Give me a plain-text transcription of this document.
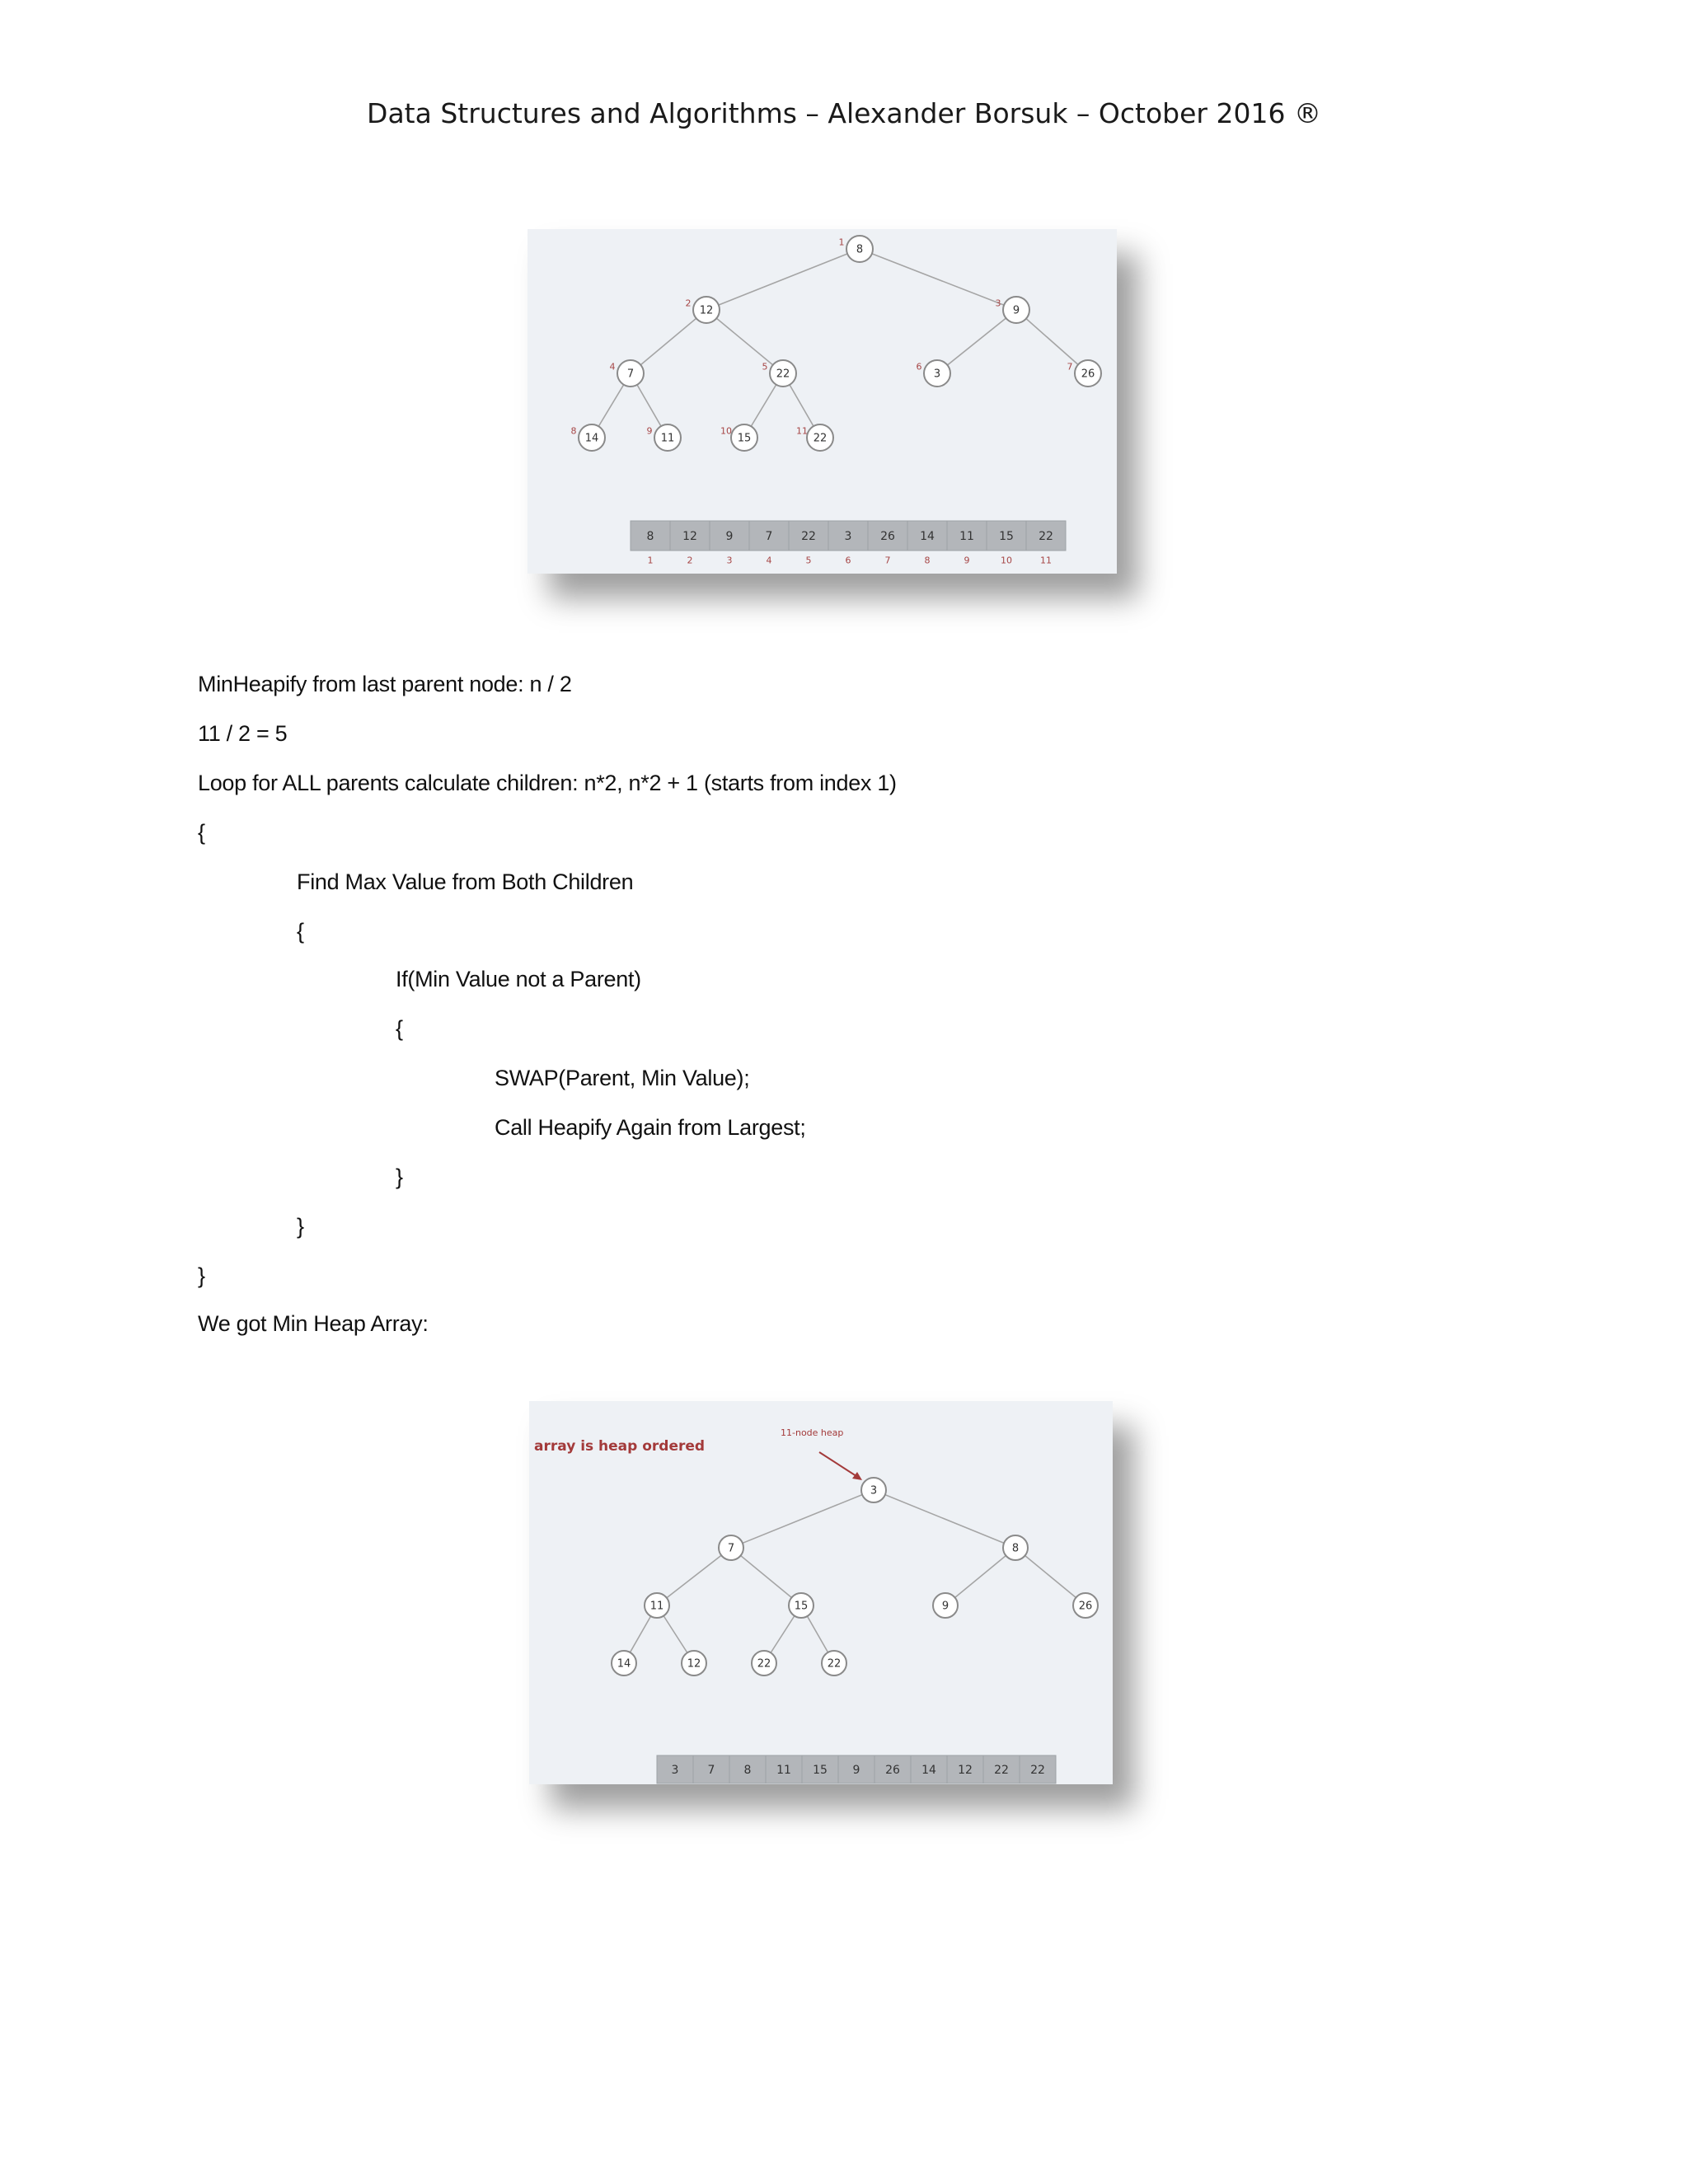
Data Structures and Algorithms – Alexander Borsuk – October 2016 ®
8
1
12
2
9
3
7
4
22
5
3
6
26
7
14
8
11
9
15
10
22
11
8
1
12
2
9
3
7
4
22
5
3
6
26
7
14
8
11
9
15
10
22
11
MinHeapify from last parent node: n / 2
11 / 2 = 5
Loop for ALL parents calculate children: n*2, n*2 + 1 (starts from index 1)
{
Find Max Value from Both Children
{
If(Min Value not a Parent)
{
SWAP(Parent, Min Value);
Call Heapify Again from Largest;
}
}
}
We got Min Heap Array:
3
7	8
11	15	9	26
14	12	22	22
3	7	8 11 15 9 26 14 12 22 22
array is heap ordered
11-node heap
